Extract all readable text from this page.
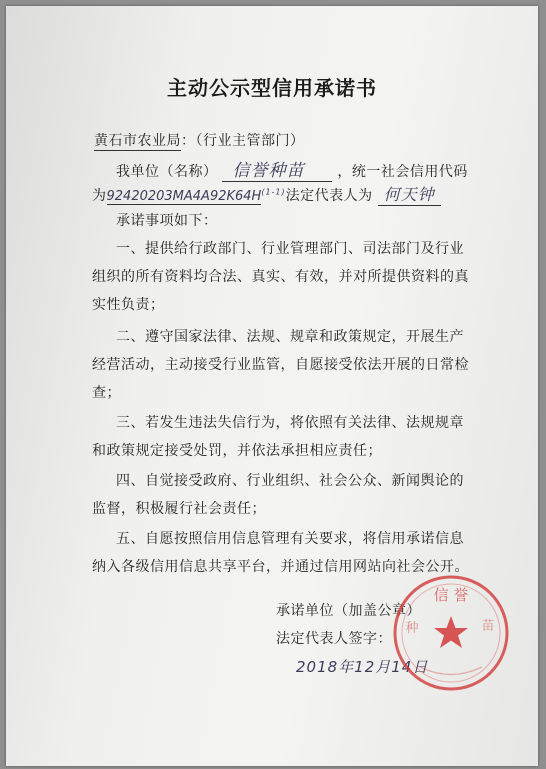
主动公示型信用承诺书
黄石市农业局：（行业主管部门）
我单位（名称） 信誉种苗 ，统一社会信用代码
为$92420203MA4A92K64H^{(1-1)}$法定代表人为 何天钟
承诺事项如下：
一、提供给行政部门、行业管理部门、司法部门及行业
组织的所有资料均合法、真实、有效，并对所提供资料的真
实性负责；
二、遵守国家法律、法规、规章和政策规定，开展生产
经营活动，主动接受行业监管，自愿接受依法开展的日常检
查；
三、若发生违法失信行为，将依照有关法律、法规规章
和政策规定接受处罚，并依法承担相应责任；
四、自觉接受政府、行业组织、社会公众、新闻舆论的
监督，积极履行社会责任；
五、自愿按照信用信息管理有关要求，将信用承诺信息
纳入各级信用信息共享平台，并通过信用网站向社会公开。
承诺单位（加盖公章）
法定代表人签字：
2018年12月14日
信 誉
苗
种
